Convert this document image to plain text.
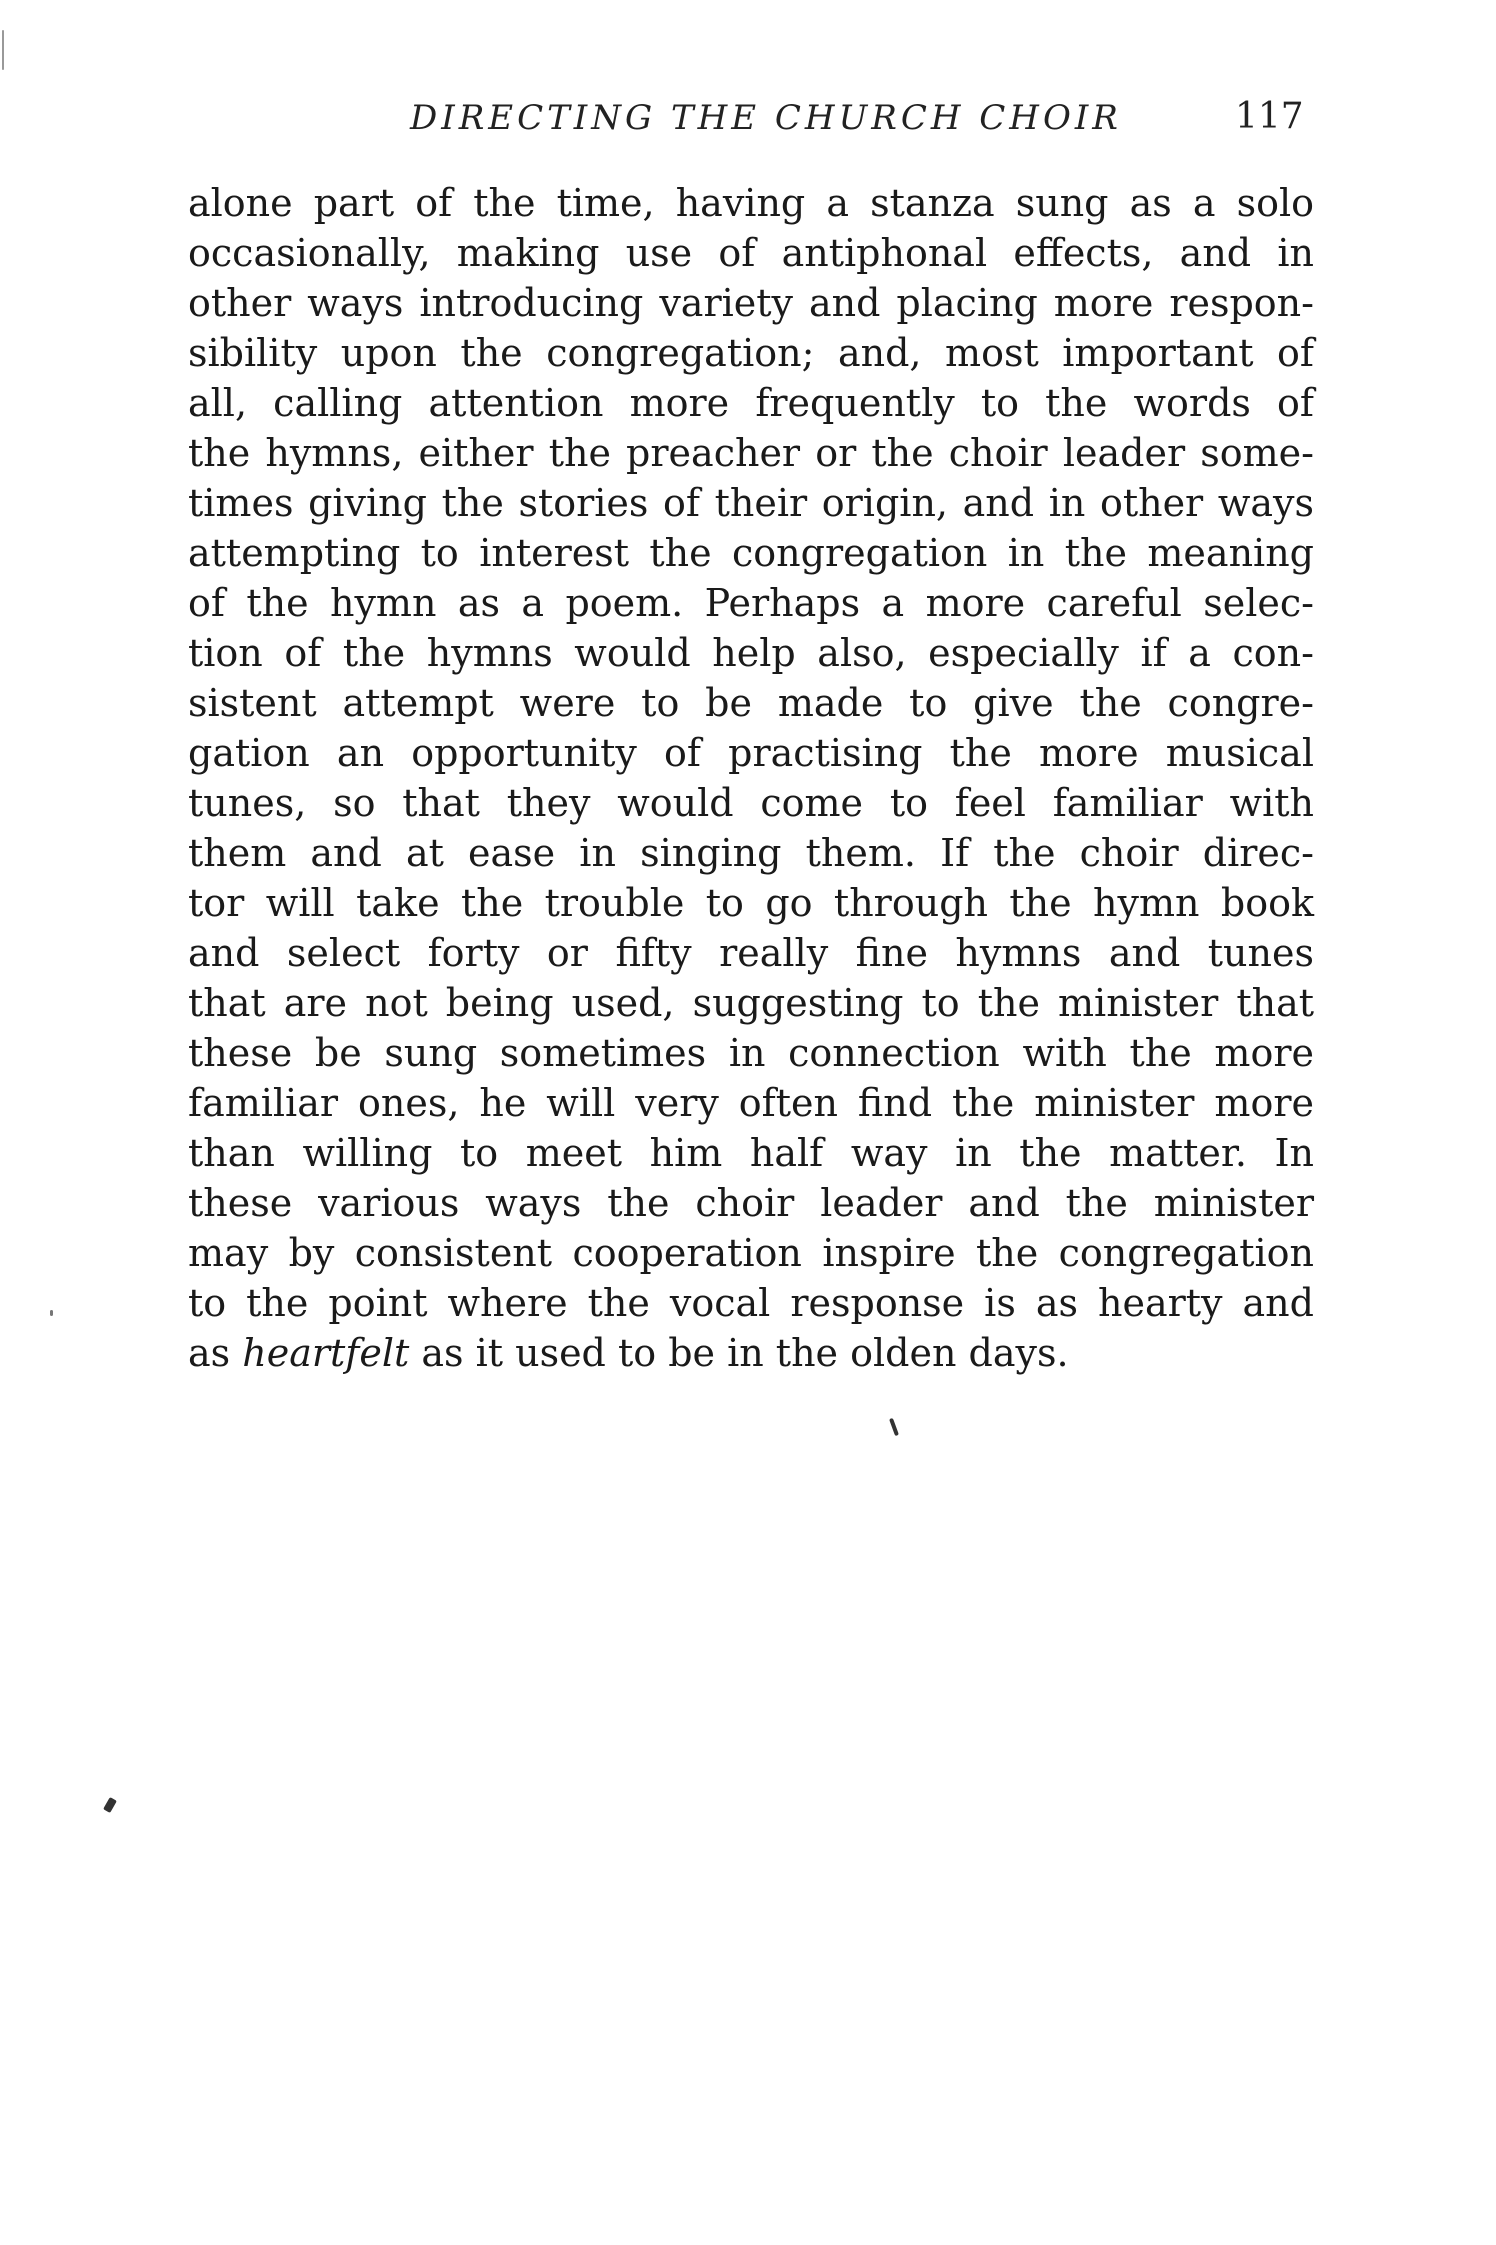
DIRECTING THE CHURCH CHOIR	117
alone part of the time, having a stanza sung as a solo
occasionally, making use of antiphonal effects, and in
other ways introducing variety and placing more respon-
sibility upon the congregation; and, most important of
all, calling attention more frequently to the words of
the hymns, either the preacher or the choir leader some-
times giving the stories of their origin, and in other ways
attempting to interest the congregation in the meaning
of the hymn as a poem. Perhaps a more careful selec-
tion of the hymns would help also, especially if a con-
sistent attempt were to be made to give the congre-
gation an opportunity of practising the more musical
tunes, so that they would come to feel familiar with
them and at ease in singing them. If the choir direc-
tor will take the trouble to go through the hymn book
and select forty or fifty really fine hymns and tunes
that are not being used, suggesting to the minister that
these be sung sometimes in connection with the more
familiar ones, he will very often find the minister more
than willing to meet him half way in the matter. In
these various ways the choir leader and the minister
may by consistent cooperation inspire the congregation
to the point where the vocal response is as hearty and
as heartfelt as it used to be in the olden days.
